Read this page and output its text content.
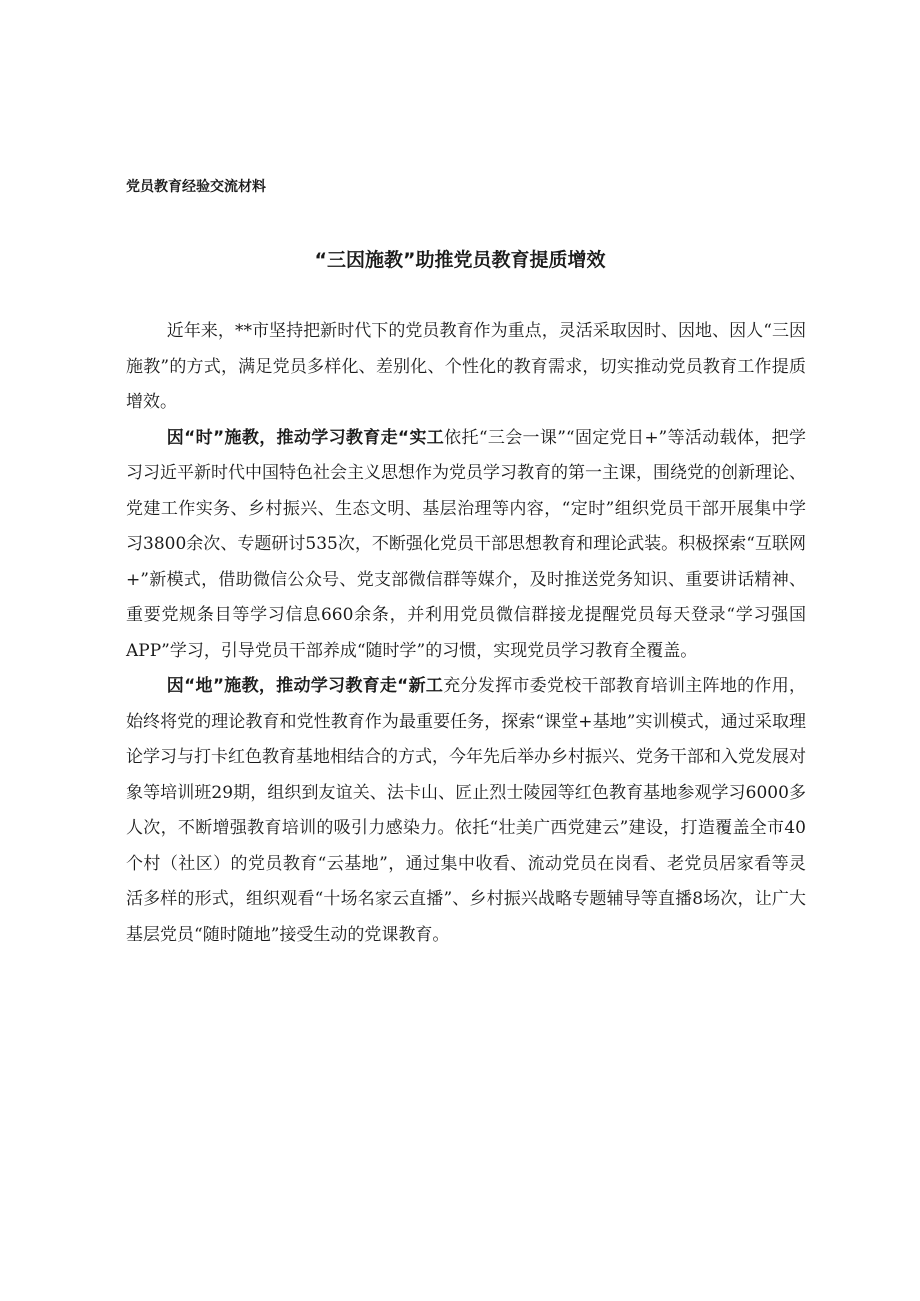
党员教育经验交流材料
“三因施教”助推党员教育提质增效

近年来，**市坚持把新时代下的党员教育作为重点，灵活采取因时、因地、因人“三因施教”的方式，满足党员多样化、差别化、个性化的教育需求，切实推动党员教育工作提质增效。

因“时”施教，推动学习教育走“实工依托“三会一课”“固定党日+”等活动载体，把学习习近平新时代中国特色社会主义思想作为党员学习教育的第一主课，围绕党的创新理论、党建工作实务、乡村振兴、生态文明、基层治理等内容，“定时”组织党员干部开展集中学习3800余次、专题研讨535次，不断强化党员干部思想教育和理论武装。积极探索“互联网+”新模式，借助微信公众号、党支部微信群等媒介，及时推送党务知识、重要讲话精神、重要党规条目等学习信息660余条，并利用党员微信群接龙提醒党员每天登录“学习强国APP”学习，引导党员干部养成“随时学”的习惯，实现党员学习教育全覆盖。

因“地”施教，推动学习教育走“新工充分发挥市委党校干部教育培训主阵地的作用，始终将党的理论教育和党性教育作为最重要任务，探索“课堂+基地”实训模式，通过采取理论学习与打卡红色教育基地相结合的方式，今年先后举办乡村振兴、党务干部和入党发展对象等培训班29期，组织到友谊关、法卡山、匠止烈士陵园等红色教育基地参观学习6000多人次，不断增强教育培训的吸引力感染力。依托“壮美广西党建云”建设，打造覆盖全市40个村（社区）的党员教育“云基地”，通过集中收看、流动党员在岗看、老党员居家看等灵活多样的形式，组织观看“十场名家云直播”、乡村振兴战略专题辅导等直播8场次，让广大基层党员“随时随地”接受生动的党课教育。
